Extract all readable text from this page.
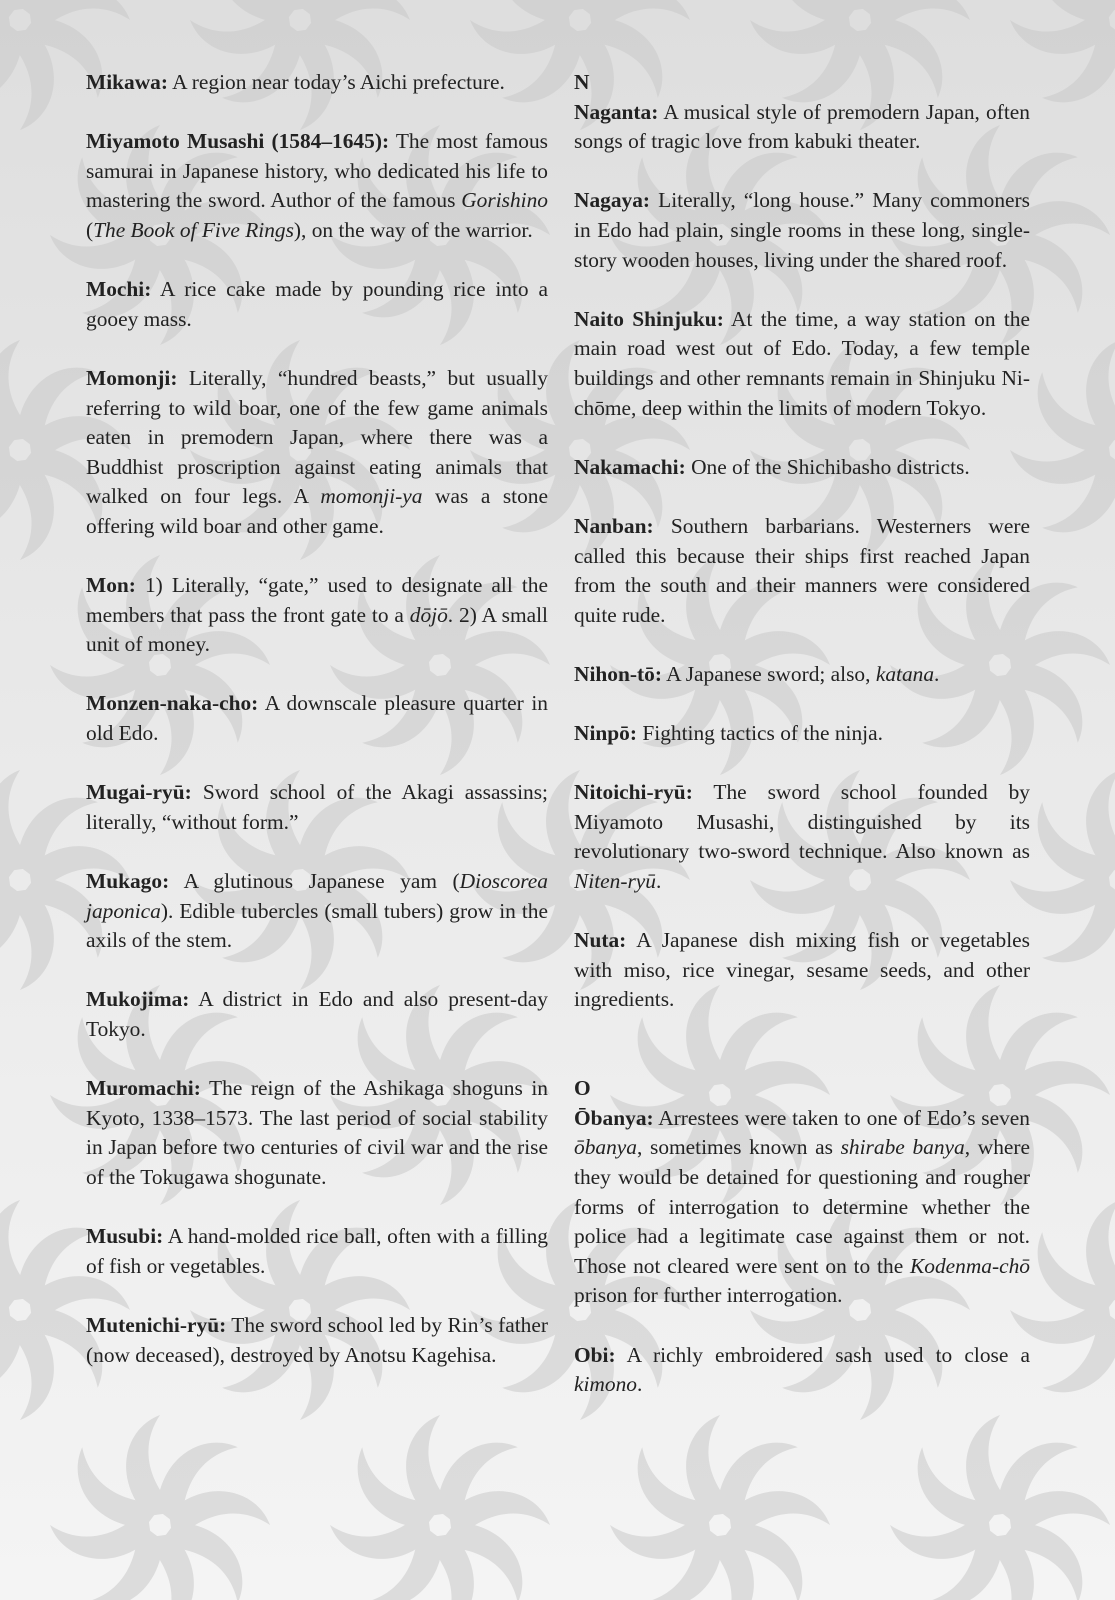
Mikawa: A region near today’s Aichi prefecture.

Miyamoto Musashi (1584–1645): The most famous samurai in Japanese history, who dedicated his life to mastering the sword. Author of the famous Gorishino (The Book of Five Rings), on the way of the warrior.

Mochi: A rice cake made by pounding rice into a gooey mass.

Momonji: Literally, “hundred beasts,” but usually referring to wild boar, one of the few game animals eaten in premodern Japan, where there was a Buddhist proscription against eating animals that walked on four legs. A momonji-ya was a stone offering wild boar and other game.

Mon: 1) Literally, “gate,” used to designate all the members that pass the front gate to a dōjō. 2) A small unit of money.

Monzen-naka-cho: A downscale pleasure quarter in old Edo.

Mugai-ryū: Sword school of the Akagi assassins; literally, “without form.”

Mukago: A glutinous Japanese yam (Dioscorea japonica). Edible tubercles (small tubers) grow in the axils of the stem.

Mukojima: A district in Edo and also present-day Tokyo.

Muromachi: The reign of the Ashikaga shoguns in Kyoto, 1338–1573. The last period of social stability in Japan before two centuries of civil war and the rise of the Tokugawa shogunate.

Musubi: A hand-molded rice ball, often with a filling of fish or vegetables.

Mutenichi-ryū: The sword school led by Rin’s father (now deceased), destroyed by Anotsu Kagehisa.

N

Naganta: A musical style of premodern Japan, often songs of tragic love from kabuki theater.

Nagaya: Literally, “long house.” Many commoners in Edo had plain, single rooms in these long, single-story wooden houses, living under the shared roof.

Naito Shinjuku: At the time, a way station on the main road west out of Edo. Today, a few temple buildings and other remnants remain in Shinjuku Ni-chōme, deep within the limits of modern Tokyo.

Nakamachi: One of the Shichibasho districts.

Nanban: Southern barbarians. Westerners were called this because their ships first reached Japan from the south and their manners were considered quite rude.

Nihon-tō: A Japanese sword; also, katana.

Ninpō: Fighting tactics of the ninja.

Nitoichi-ryū: The sword school founded by Miyamoto Musashi, distinguished by its revolutionary two-sword technique. Also known as Niten-ryū.

Nuta: A Japanese dish mixing fish or vegetables with miso, rice vinegar, sesame seeds, and other ingredients.

O

Ōbanya: Arrestees were taken to one of Edo’s seven ōbanya, sometimes known as shirabe banya, where they would be detained for questioning and rougher forms of interrogation to determine whether the police had a legitimate case against them or not. Those not cleared were sent on to the Kodenma-chō prison for further interrogation.

Obi: A richly embroidered sash used to close a kimono.
